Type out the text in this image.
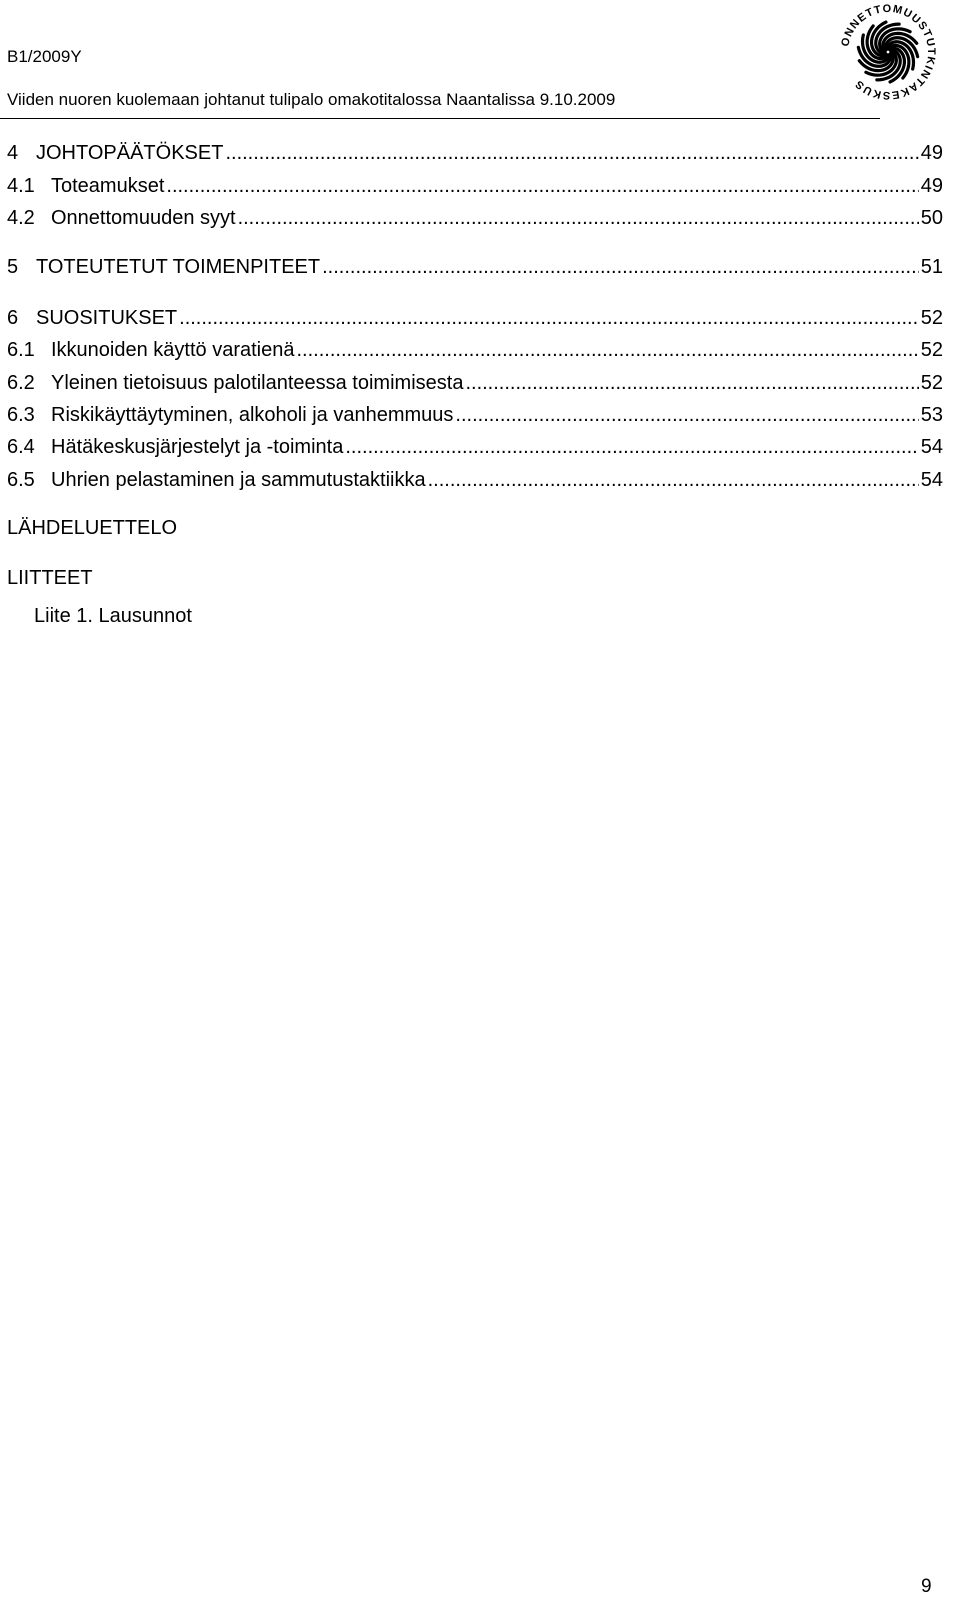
B1/2009Y
Viiden nuoren kuolemaan johtanut tulipalo omakotitalossa Naantalissa 9.10.2009
ONNETTOMUUSTUTKINTAKESKUS
4 JOHTOPÄÄTÖKSET .....	49
4.1 Toteamukset .....	49
4.2 Onnettomuuden syyt .....	50
5 TOTEUTETUT TOIMENPITEET .....	51
6 SUOSITUKSET .....	52
6.1 Ikkunoiden käyttö varatienä .....	52
6.2 Yleinen tietoisuus palotilanteessa toimimisesta .....	52
6.3 Riskikäyttäytyminen, alkoholi ja vanhemmuus .....	53
6.4 Hätäkeskusjärjestelyt ja -toiminta .....	54
6.5 Uhrien pelastaminen ja sammutustaktiikka .....	54
LÄHDELUETTELO
LIITTEET
Liite 1. Lausunnot
9
